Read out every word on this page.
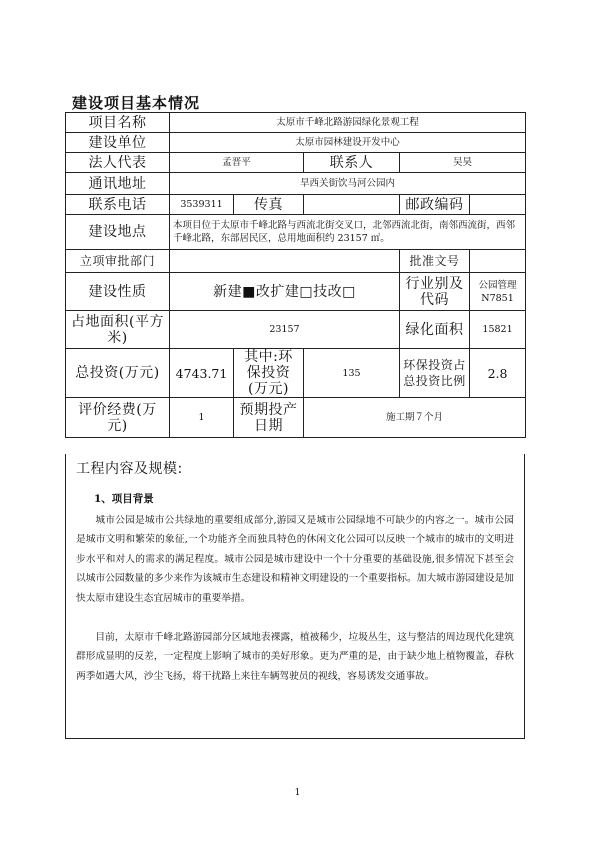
建设项目基本情况
项目名称	太原市千峰北路游园绿化景观工程				
建设单位	太原市园林建设开发中心				
法人代表	孟晋平		联系人	吴昊	
通讯地址	旱西关街饮马河公园内				
联系电话	3539311	传真		邮政编码	
建设地点	本项目位于太原市千峰北路与西流北街交叉口，北邻西流北街，南邻西流街，西邻千峰北路，东部居民区，总用地面积约 23157 ㎡。				
立项审批部门				批准文号	
建设性质	新建■改扩建□技改□			行业别及代码	公园管理
N7851

占地面积(平方米)	23157			绿化面积	15821
总投资(万元)	4743.71	其中:环保投资(万元)	135	环保投资占总投资比例	2.8
评价经费(万元)	1	预期投产日期	施工期７个月		
工程内容及规模:
1、项目背景

城市公园是城市公共绿地的重要组成部分,游园又是城市公园绿地不可缺少的内容之一。城市公园是城市文明和繁荣的象征,一个功能齐全而独具特色的休闲文化公园可以反映一个城市的城市的文明进步水平和对人的需求的满足程度。城市公园是城市建设中一个十分重要的基础设施,很多情况下甚至会以城市公园数量的多少来作为该城市生态建设和精神文明建设的一个重要指标。加大城市游园建设是加快太原市建设生态宜居城市的重要举措。

目前，太原市千峰北路游园部分区域地表裸露，植被稀少，垃圾丛生，这与整洁的周边现代化建筑群形成显明的反差，一定程度上影响了城市的美好形象。更为严重的是，由于缺少地上植物覆盖，春秋两季如遇大风，沙尘飞扬，将干扰路上来往车辆驾驶员的视线，容易诱发交通事故。

1
